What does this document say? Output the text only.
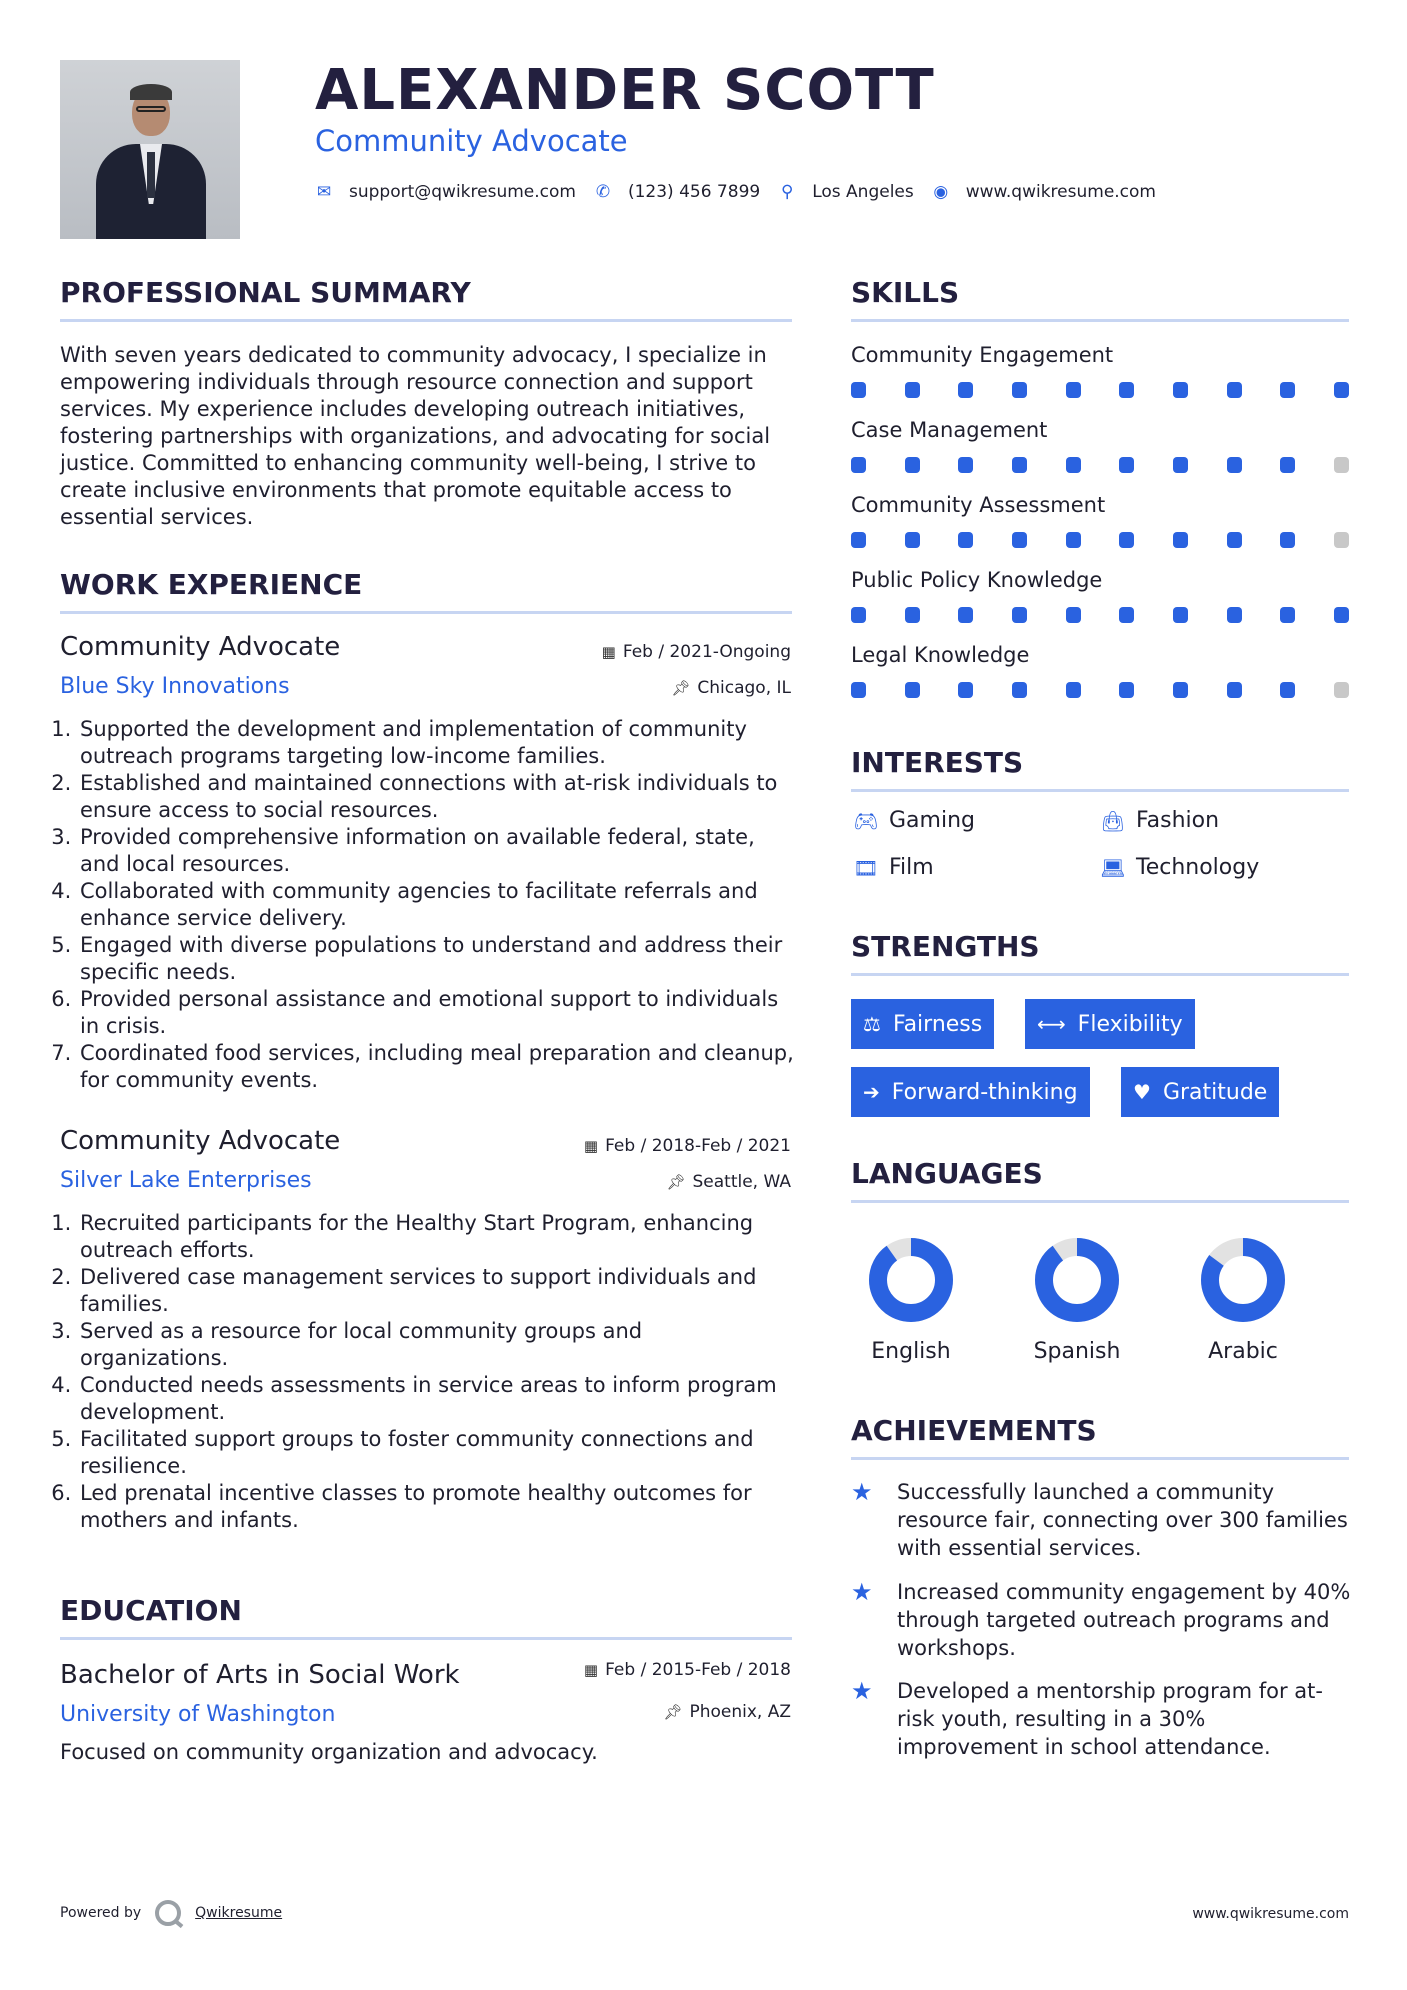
ALEXANDER SCOTT
Community Advocate
✉ support@qwikresume.com ✆ (123) 456 7899 ⚲ Los Angeles ◉ www.qwikresume.com
PROFESSIONAL SUMMARY
With seven years dedicated to community advocacy, I specialize in empowering individuals through resource connection and support services. My experience includes developing outreach initiatives, fostering partnerships with organizations, and advocating for social justice. Committed to enhancing community well-being, I strive to create inclusive environments that promote equitable access to essential services.
WORK EXPERIENCE
Community Advocate	▦ Feb / 2021-Ongoing
Blue Sky Innovations	📌︎ Chicago, IL
1. Supported the development and implementation of community outreach programs targeting low-income families.
2. Established and maintained connections with at-risk individuals to ensure access to social resources.
3. Provided comprehensive information on available federal, state, and local resources.
4. Collaborated with community agencies to facilitate referrals and enhance service delivery.
5. Engaged with diverse populations to understand and address their specific needs.
6. Provided personal assistance and emotional support to individuals in crisis.
7. Coordinated food services, including meal preparation and cleanup, for community events.
Community Advocate	▦ Feb / 2018-Feb / 2021
Silver Lake Enterprises	📌︎ Seattle, WA
1. Recruited participants for the Healthy Start Program, enhancing outreach efforts.
2. Delivered case management services to support individuals and families.
3. Served as a resource for local community groups and organizations.
4. Conducted needs assessments in service areas to inform program development.
5. Facilitated support groups to foster community connections and resilience.
6. Led prenatal incentive classes to promote healthy outcomes for mothers and infants.
EDUCATION
Bachelor of Arts in Social Work	▦ Feb / 2015-Feb / 2018
University of Washington	📌︎ Phoenix, AZ
Focused on community organization and advocacy.
SKILLS
Community Engagement
Case Management
Community Assessment
Public Policy Knowledge
Legal Knowledge
INTERESTS
🎮︎ Gaming	👜︎ Fashion
🎞︎ Film	💻︎ Technology
STRENGTHS
⚖ Fairness	⟷ Flexibility
➔ Forward-thinking	♥ Gratitude
LANGUAGES
English	Spanish	Arabic
ACHIEVEMENTS
★	Successfully launched a community resource fair, connecting over 300 families with essential services.
★	Increased community engagement by 40% through targeted outreach programs and workshops.
★	Developed a mentorship program for at-risk youth, resulting in a 30% improvement in school attendance.
Powered by	Qwikresume	www.qwikresume.com
